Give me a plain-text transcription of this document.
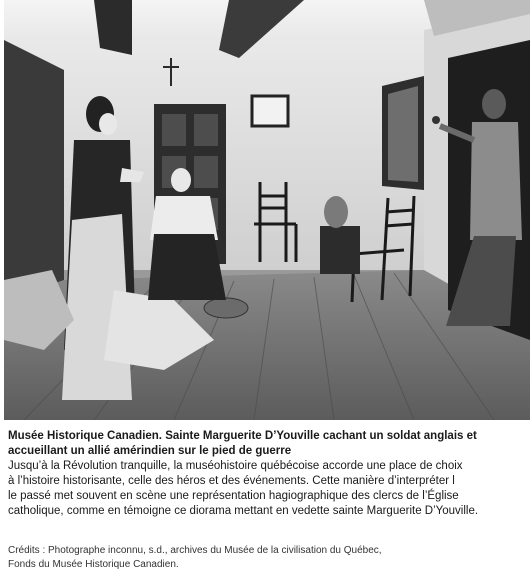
Musée Historique Canadien. Sainte Marguerite D’Youville cachant un soldat anglais et
accueillant un allié amérindien sur le pied de guerre

Jusqu’à la Révolution tranquille, la muséohistoire québécoise accorde une place de choix
à l’histoire historisante, celle des héros et des événements. Cette manière d’interpréter l
le passé met souvent en scène une représentation hagiographique des clercs de l’Église
catholique, comme en témoigne ce diorama mettant en vedette sainte Marguerite D’Youville.

Crédits : Photographe inconnu, s.d., archives du Musée de la civilisation du Québec,
Fonds du Musée Historique Canadien.
